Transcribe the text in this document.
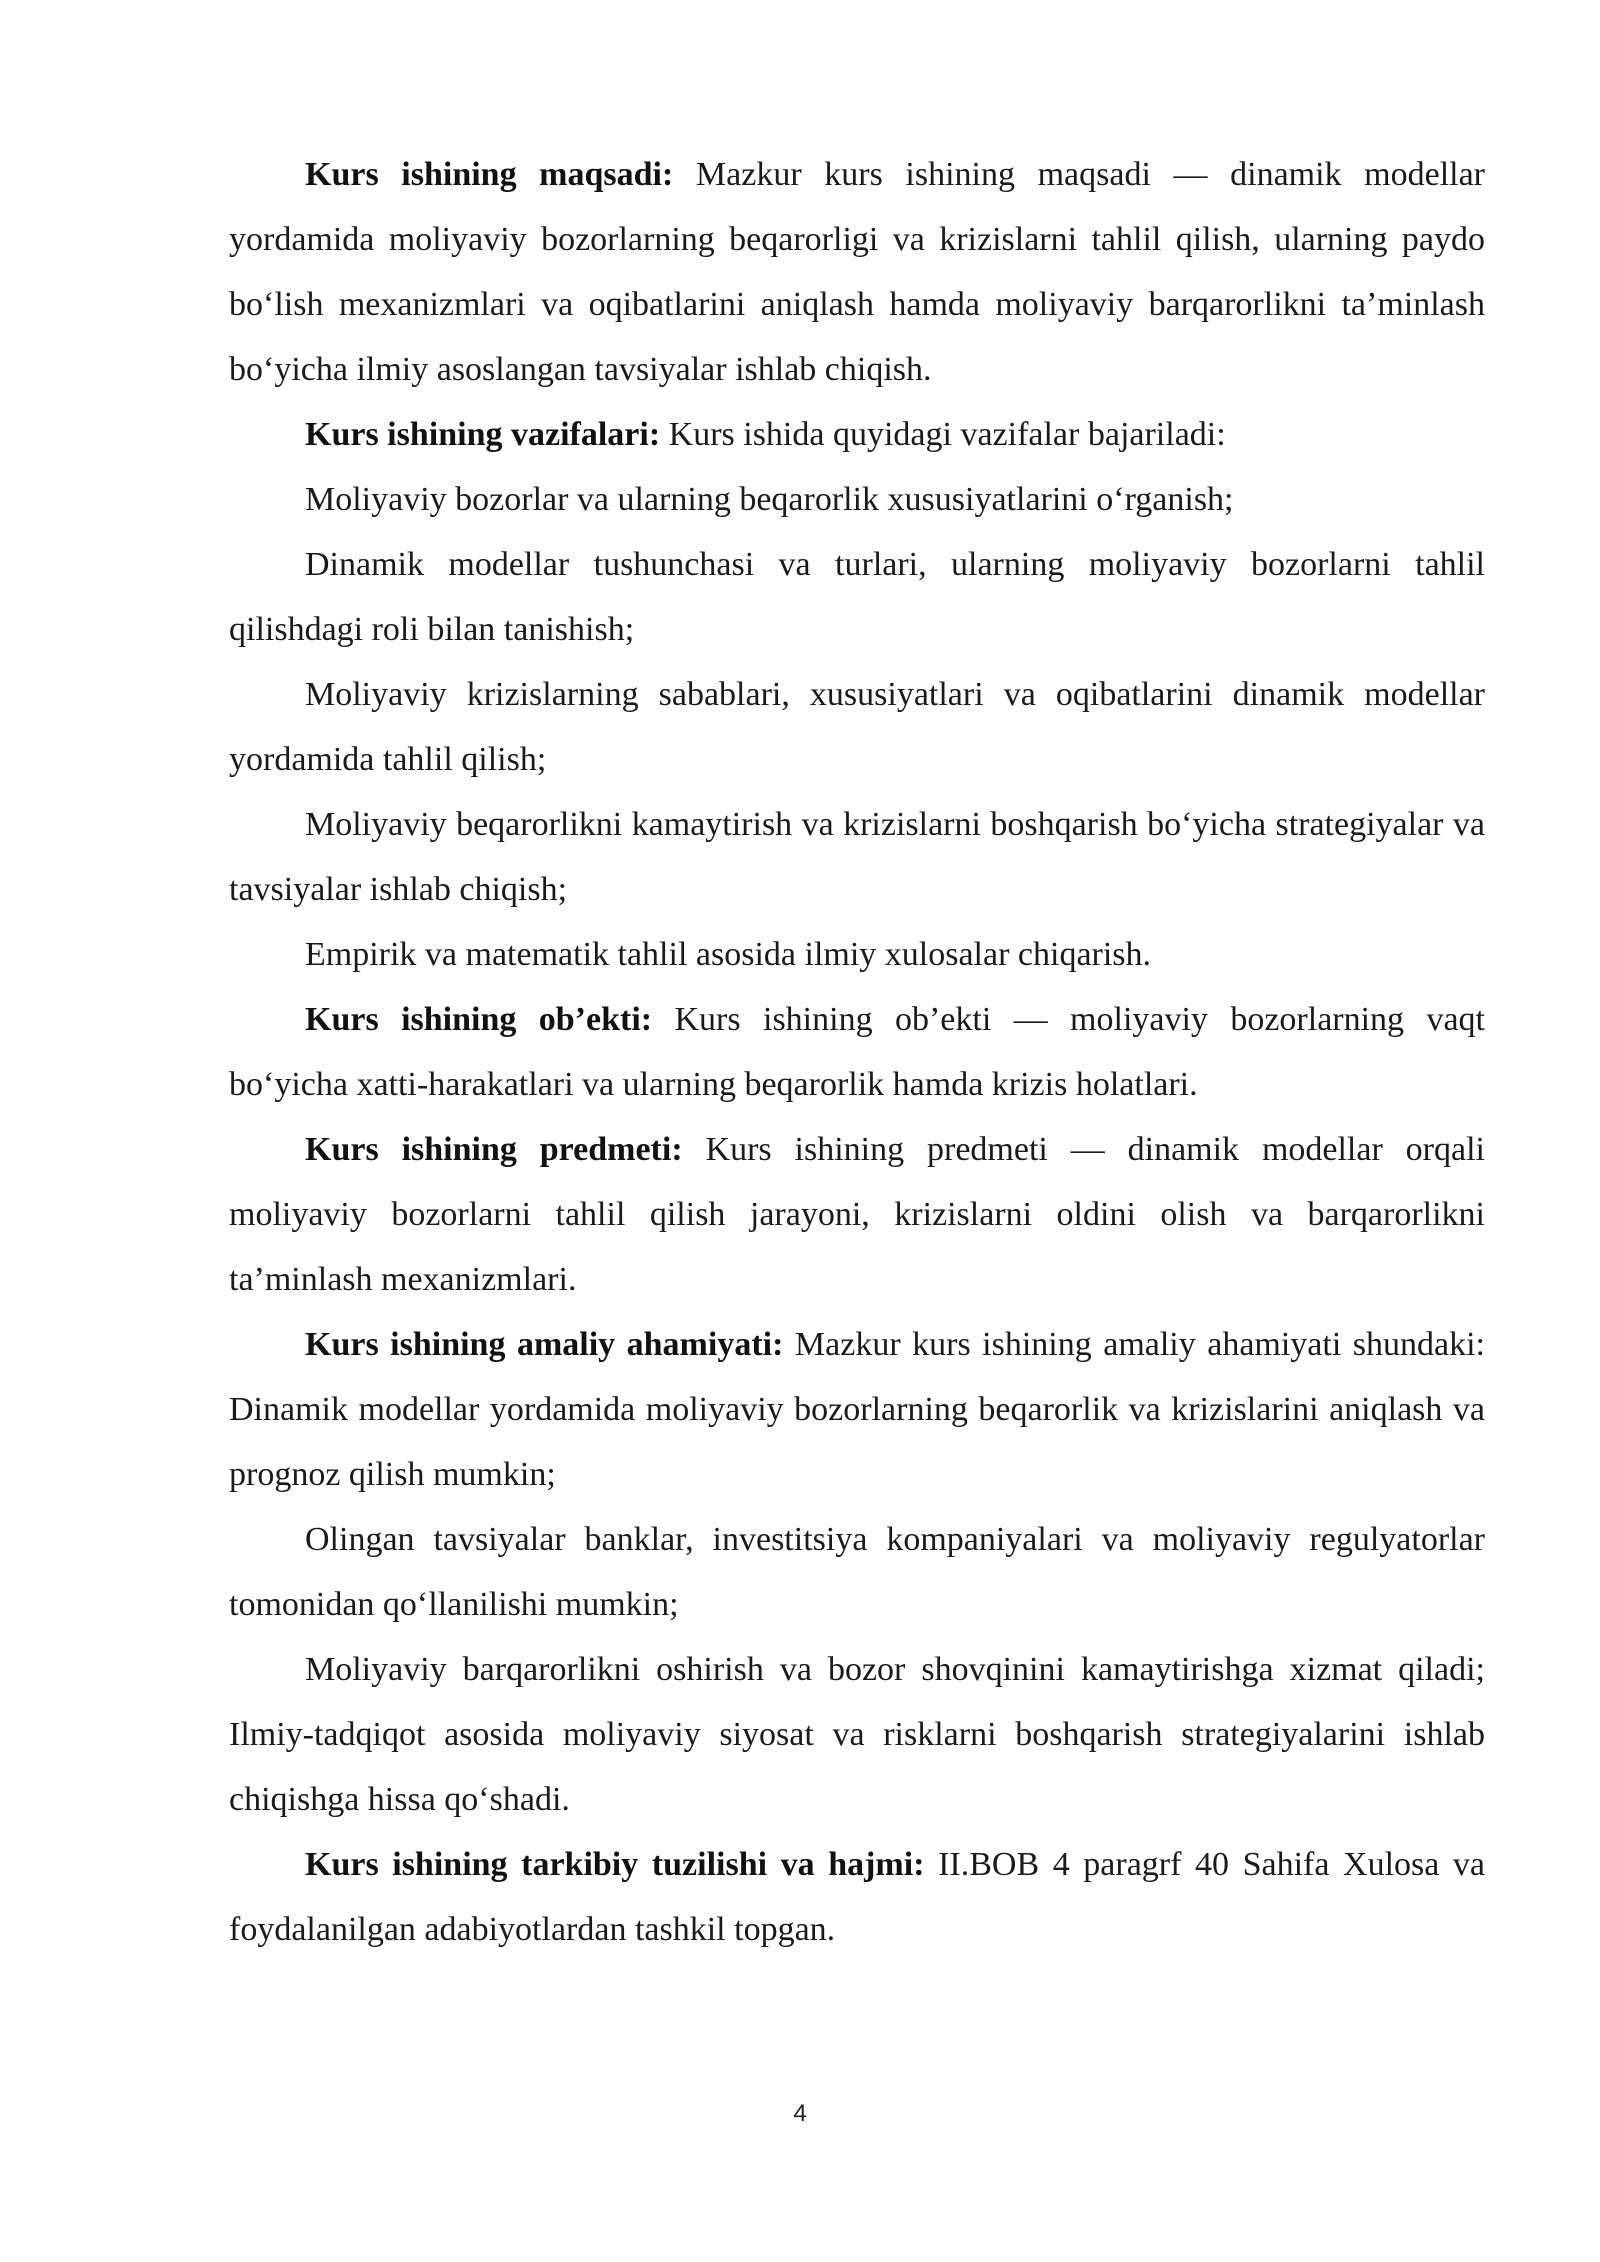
Kurs ishining maqsadi: Mazkur kurs ishining maqsadi — dinamik modellar yordamida moliyaviy bozorlarning beqarorligi va krizislarni tahlil qilish, ularning paydo bo‘lish mexanizmlari va oqibatlarini aniqlash hamda moliyaviy barqarorlikni ta’minlash bo‘yicha ilmiy asoslangan tavsiyalar ishlab chiqish.

Kurs ishining vazifalari: Kurs ishida quyidagi vazifalar bajariladi:

Moliyaviy bozorlar va ularning beqarorlik xususiyatlarini o‘rganish;

Dinamik modellar tushunchasi va turlari, ularning moliyaviy bozorlarni tahlil qilishdagi roli bilan tanishish;

Moliyaviy krizislarning sabablari, xususiyatlari va oqibatlarini dinamik modellar yordamida tahlil qilish;

Moliyaviy beqarorlikni kamaytirish va krizislarni boshqarish bo‘yicha strategiyalar va tavsiyalar ishlab chiqish;

Empirik va matematik tahlil asosida ilmiy xulosalar chiqarish.

Kurs ishining ob’ekti: Kurs ishining ob’ekti — moliyaviy bozorlarning vaqt bo‘yicha xatti-harakatlari va ularning beqarorlik hamda krizis holatlari.

Kurs ishining predmeti: Kurs ishining predmeti — dinamik modellar orqali moliyaviy bozorlarni tahlil qilish jarayoni, krizislarni oldini olish va barqarorlikni ta’minlash mexanizmlari.

Kurs ishining amaliy ahamiyati: Mazkur kurs ishining amaliy ahamiyati shundaki: Dinamik modellar yordamida moliyaviy bozorlarning beqarorlik va krizislarini aniqlash va prognoz qilish mumkin;

Olingan tavsiyalar banklar, investitsiya kompaniyalari va moliyaviy regulyatorlar tomonidan qo‘llanilishi mumkin;

Moliyaviy barqarorlikni oshirish va bozor shovqinini kamaytirishga xizmat qiladi; Ilmiy-tadqiqot asosida moliyaviy siyosat va risklarni boshqarish strategiyalarini ishlab chiqishga hissa qo‘shadi.

Kurs ishining tarkibiy tuzilishi va hajmi: II.BOB 4 paragrf 40 Sahifa Xulosa va foydalanilgan adabiyotlardan tashkil topgan.

4
